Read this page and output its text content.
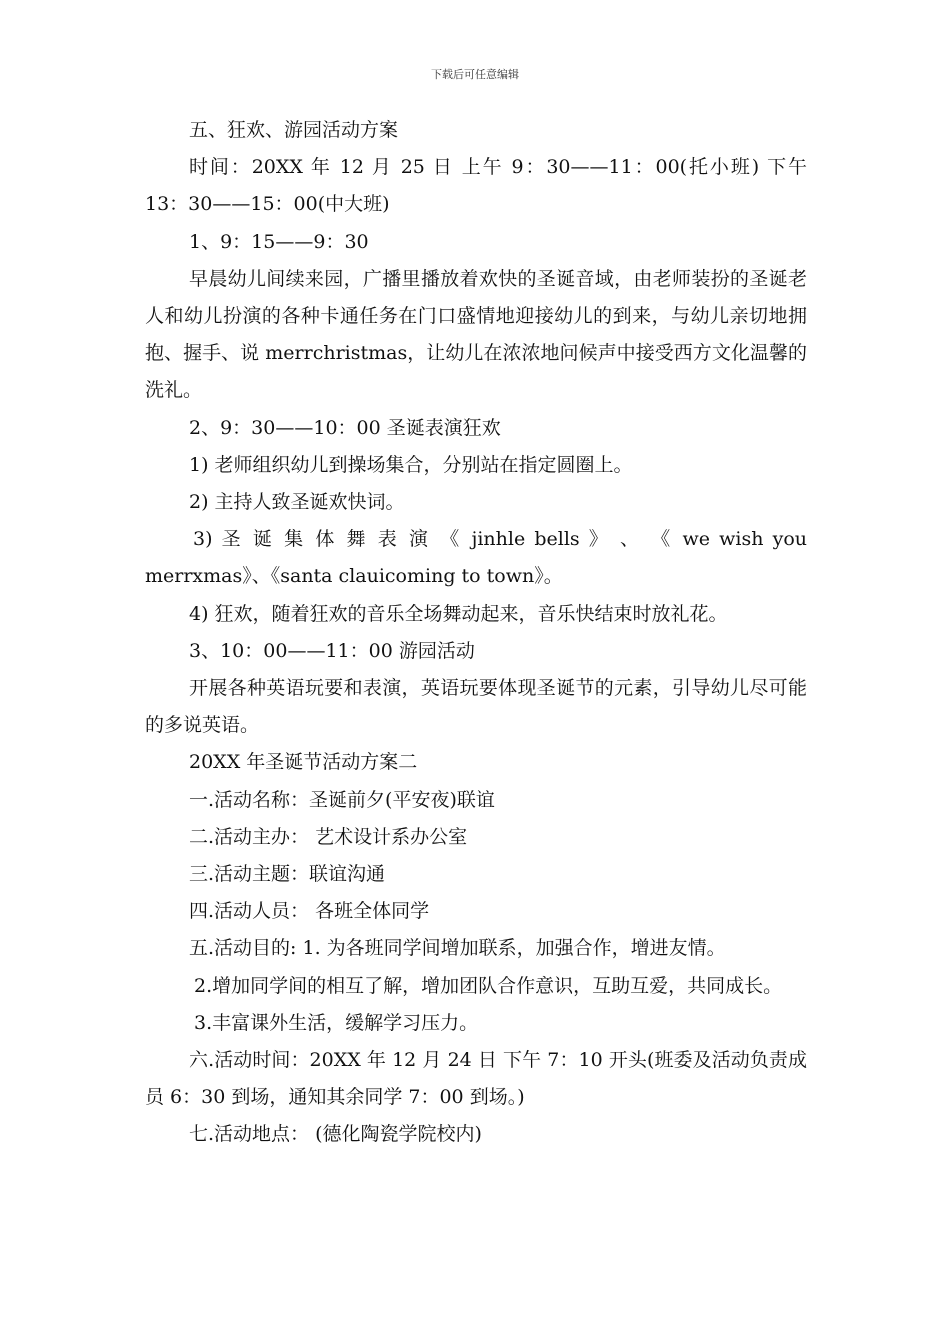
下载后可任意编辑

五、狂欢、游园活动方案

时间：20XX 年 12 月 25 日 上午 9：30——11：00(托小班) 下午 13：30——15：00(中大班)

1、9：15——9：30

早晨幼儿间续来园，广播里播放着欢快的圣诞音域，由老师装扮的圣诞老人和幼儿扮演的各种卡通任务在门口盛情地迎接幼儿的到来，与幼儿亲切地拥抱、握手、说 merrchristmas，让幼儿在浓浓地问候声中接受西方文化温馨的洗礼。

2、9：30——10：00 圣诞表演狂欢

1) 老师组织幼儿到操场集合，分别站在指定圆圈上。

2) 主持人致圣诞欢快词。

3) 圣 诞 集 体 舞 表 演 《 jinhle bells 》 、 《 we wish you merrxmas》、《santa clauicoming to town》。

4) 狂欢，随着狂欢的音乐全场舞动起来，音乐快结束时放礼花。

3、10：00——11：00 游园活动

开展各种英语玩要和表演，英语玩要体现圣诞节的元素，引导幼儿尽可能的多说英语。

20XX 年圣诞节活动方案二

一.活动名称：圣诞前夕(平安夜)联谊

二.活动主办： 艺术设计系办公室

三.活动主题：联谊沟通

四.活动人员： 各班全体同学

五.活动目的: 1. 为各班同学间增加联系，加强合作，增进友情。

2.增加同学间的相互了解，增加团队合作意识，互助互爱，共同成长。

3.丰富课外生活，缓解学习压力。

六.活动时间：20XX 年 12 月 24 日 下午 7：10 开头(班委及活动负责成员 6：30 到场，通知其余同学 7：00 到场。)

七.活动地点： (德化陶瓷学院校内)
